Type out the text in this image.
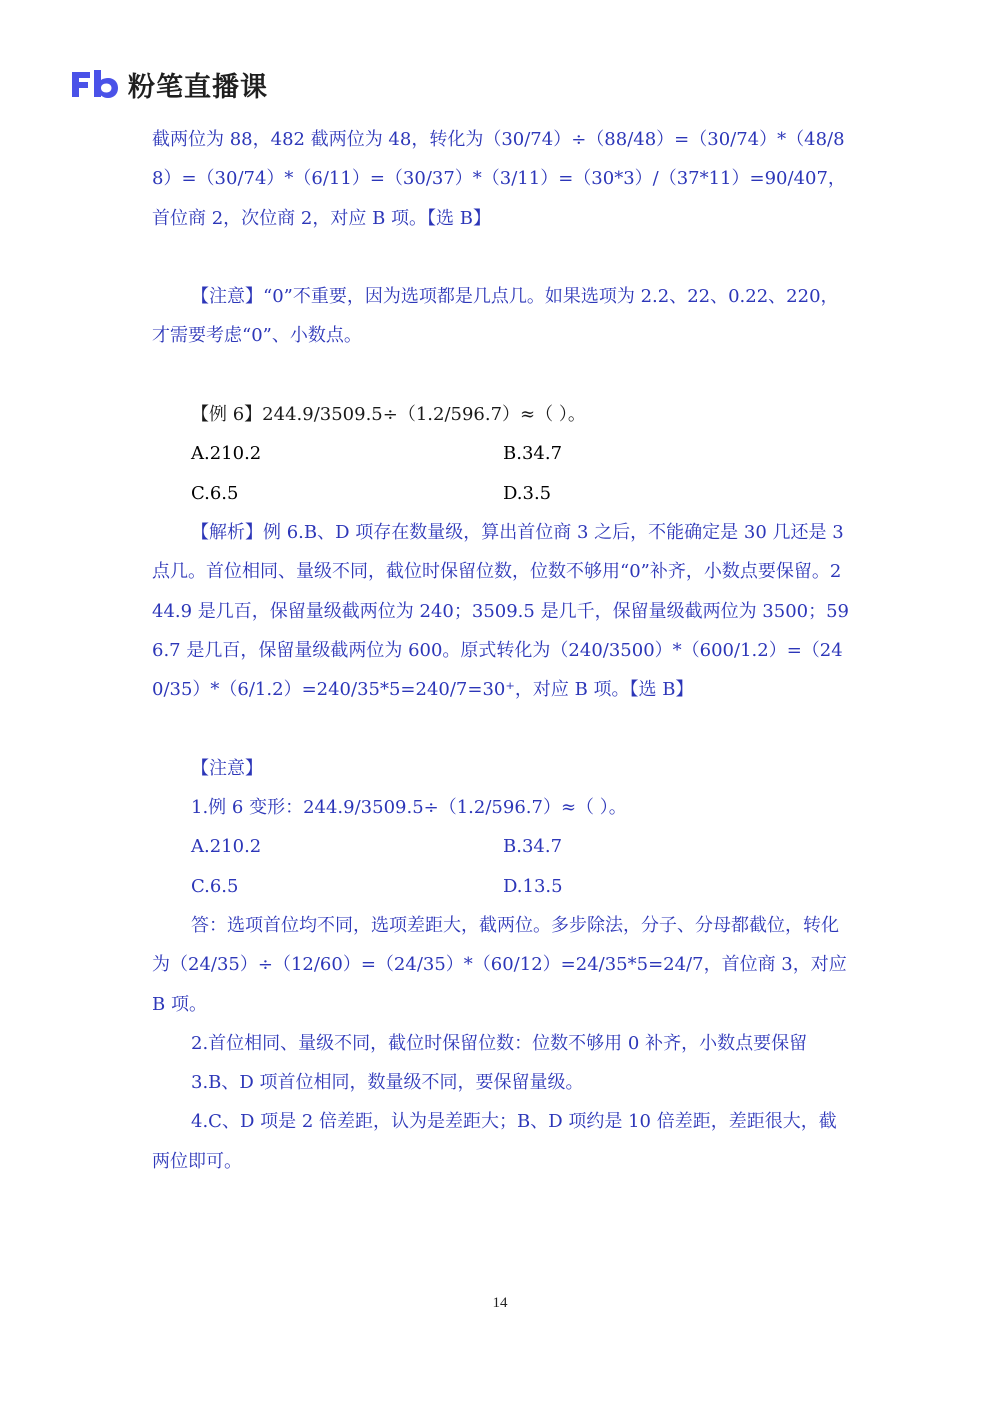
粉笔直播课

截两位为 88，482 截两位为 48，转化为（30/74）÷（88/48）=（30/74）*（48/88）=（30/74）*（6/11）=（30/37）*（3/11）=（30*3）/（37*11）=90/407，首位商 2，次位商 2，对应 B 项。【选 B】

【注意】“0”不重要，因为选项都是几点几。如果选项为 2.2、22、0.22、220，才需要考虑“0”、小数点。

【例 6】244.9/3509.5÷（1.2/596.7）≈（ ）。

A.210.2	B.34.7
C.6.5	D.3.5

【解析】例 6.B、D 项存在数量级，算出首位商 3 之后，不能确定是 30 几还是 3 点几。首位相同、量级不同，截位时保留位数，位数不够用“0”补齐，小数点要保留。244.9 是几百，保留量级截两位为 240；3509.5 是几千，保留量级截两位为 3500；596.7 是几百，保留量级截两位为 600。原式转化为（240/3500）*（600/1.2）=（240/35）*（6/1.2）=240/35*5=240/7=30⁺，对应 B 项。【选 B】

【注意】

1.例 6 变形：244.9/3509.5÷（1.2/596.7）≈（ ）。

A.210.2	B.34.7
C.6.5	D.13.5

答：选项首位均不同，选项差距大，截两位。多步除法，分子、分母都截位，转化为（24/35）÷（12/60）=（24/35）*（60/12）=24/35*5=24/7，首位商 3，对应 B 项。

2.首位相同、量级不同，截位时保留位数：位数不够用 0 补齐，小数点要保留

3.B、D 项首位相同，数量级不同，要保留量级。

4.C、D 项是 2 倍差距，认为是差距大；B、D 项约是 10 倍差距，差距很大，截两位即可。

14
